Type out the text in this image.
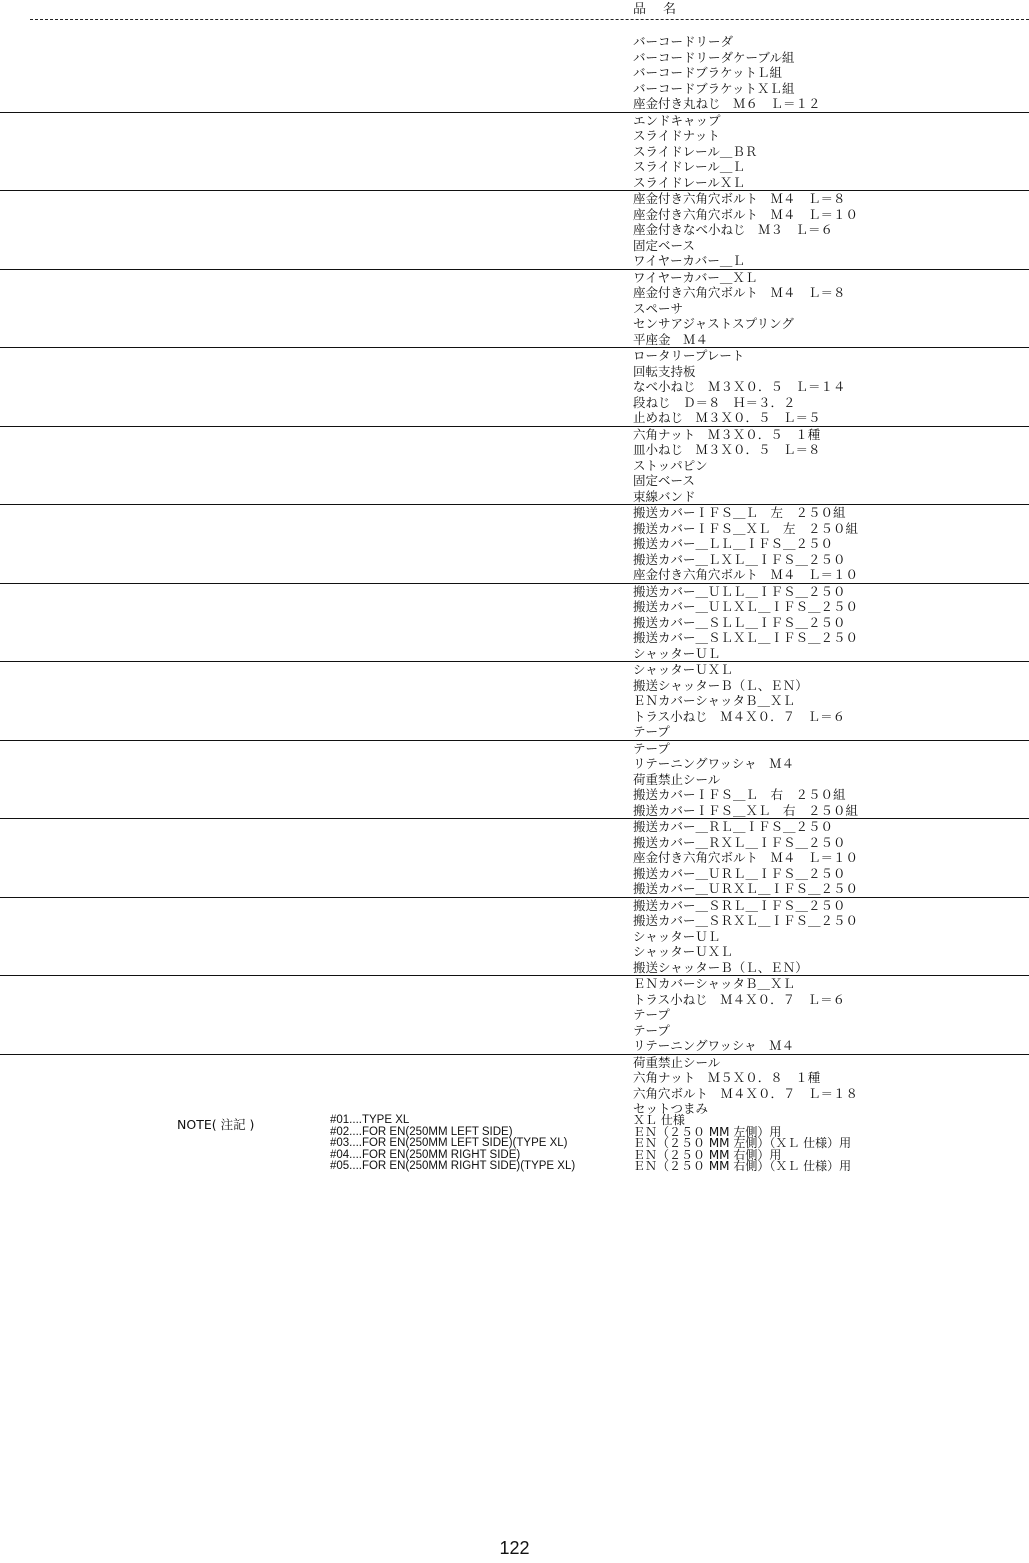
品　名
バーコードリーダ
バーコードリーダケーブル組
バーコードブラケットＬ組
バーコードブラケットＸＬ組
座金付き丸ねじ　Ｍ６　Ｌ＝１２
エンドキャップ
スライドナット
スライドレール＿ＢＲ
スライドレール＿Ｌ
スライドレールＸＬ
座金付き六角穴ボルト　Ｍ４　Ｌ＝８
座金付き六角穴ボルト　Ｍ４　Ｌ＝１０
座金付きなべ小ねじ　Ｍ３　Ｌ＝６
固定ベース
ワイヤーカバー＿Ｌ
ワイヤーカバー＿ＸＬ
座金付き六角穴ボルト　Ｍ４　Ｌ＝８
スペーサ
センサアジャストスプリング
平座金　Ｍ４
ロータリープレート
回転支持板
なべ小ねじ　Ｍ３Ｘ０．５　Ｌ＝１４
段ねじ　Ｄ＝８　Ｈ＝３．２
止めねじ　Ｍ３Ｘ０．５　Ｌ＝５
六角ナット　Ｍ３Ｘ０．５　１種
皿小ねじ　Ｍ３Ｘ０．５　Ｌ＝８
ストッパピン
固定ベース
束線バンド
搬送カバーＩＦＳ＿Ｌ　左　２５０組
搬送カバーＩＦＳ＿ＸＬ　左　２５０組
搬送カバー＿ＬＬ＿ＩＦＳ＿２５０
搬送カバー＿ＬＸＬ＿ＩＦＳ＿２５０
座金付き六角穴ボルト　Ｍ４　Ｌ＝１０
搬送カバー＿ＵＬＬ＿ＩＦＳ＿２５０
搬送カバー＿ＵＬＸＬ＿ＩＦＳ＿２５０
搬送カバー＿ＳＬＬ＿ＩＦＳ＿２５０
搬送カバー＿ＳＬＸＬ＿ＩＦＳ＿２５０
シャッターＵＬ
シャッターＵＸＬ
搬送シャッターＢ（Ｌ、ＥＮ）
ＥＮカバーシャッタＢ＿ＸＬ
トラス小ねじ　Ｍ４Ｘ０．７　Ｌ＝６
テープ
テープ
リテーニングワッシャ　Ｍ４
荷重禁止シール
搬送カバーＩＦＳ＿Ｌ　右　２５０組
搬送カバーＩＦＳ＿ＸＬ　右　２５０組
搬送カバー＿ＲＬ＿ＩＦＳ＿２５０
搬送カバー＿ＲＸＬ＿ＩＦＳ＿２５０
座金付き六角穴ボルト　Ｍ４　Ｌ＝１０
搬送カバー＿ＵＲＬ＿ＩＦＳ＿２５０
搬送カバー＿ＵＲＸＬ＿ＩＦＳ＿２５０
搬送カバー＿ＳＲＬ＿ＩＦＳ＿２５０
搬送カバー＿ＳＲＸＬ＿ＩＦＳ＿２５０
シャッターＵＬ
シャッターＵＸＬ
搬送シャッターＢ（Ｌ、ＥＮ）
ＥＮカバーシャッタＢ＿ＸＬ
トラス小ねじ　Ｍ４Ｘ０．７　Ｌ＝６
テープ
テープ
リテーニングワッシャ　Ｍ４
荷重禁止シール
六角ナット　Ｍ５Ｘ０．８　１種
六角穴ボルト　Ｍ４Ｘ０．７　Ｌ＝１８
セットつまみ
NOTE( 注記 )	#01....TYPE XL	ＸＬ 仕様
#02....FOR EN(250MM LEFT SIDE)	ＥＮ（２５０ MM 左側）用
#03....FOR EN(250MM LEFT SIDE)(TYPE XL)	ＥＮ（２５０ MM 左側）（ＸＬ 仕様）用
#04....FOR EN(250MM RIGHT SIDE)	ＥＮ（２５０ MM 右側）用
#05....FOR EN(250MM RIGHT SIDE)(TYPE XL)	ＥＮ（２５０ MM 右側）（ＸＬ 仕様）用
122
